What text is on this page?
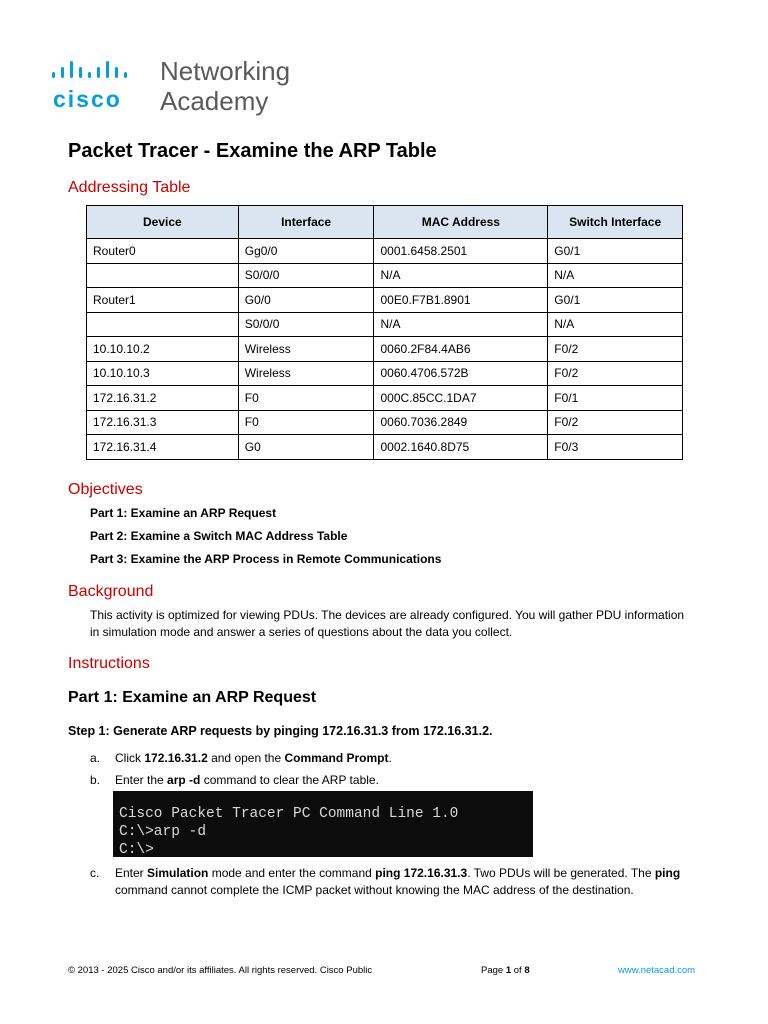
cisco
Networking
Academy
Packet Tracer - Examine the ARP Table
Addressing Table
Device	Interface	MAC Address	Switch Interface
Router0	Gg0/0	0001.6458.2501	G0/1
	S0/0/0	N/A	N/A
Router1	G0/0	00E0.F7B1.8901	G0/1
	S0/0/0	N/A	N/A
10.10.10.2	Wireless	0060.2F84.4AB6	F0/2
10.10.10.3	Wireless	0060.4706.572B	F0/2
172.16.31.2	F0	000C.85CC.1DA7	F0/1
172.16.31.3	F0	0060.7036.2849	F0/2
172.16.31.4	G0	0002.1640.8D75	F0/3
Objectives
Part 1: Examine an ARP Request
Part 2: Examine a Switch MAC Address Table
Part 3: Examine the ARP Process in Remote Communications
Background
This activity is optimized for viewing PDUs. The devices are already configured. You will gather PDU information in simulation mode and answer a series of questions about the data you collect.
Instructions
Part 1: Examine an ARP Request
Step 1: Generate ARP requests by pinging 172.16.31.3 from 172.16.31.2.
a. Click 172.16.31.2 and open the Command Prompt.
b. Enter the arp -d command to clear the ARP table.
Cisco Packet Tracer PC Command Line 1.0
C:\>arp -d
C:\>
c. Enter Simulation mode and enter the command ping 172.16.31.3. Two PDUs will be generated. The ping command cannot complete the ICMP packet without knowing the MAC address of the destination.
© 2013 - 2025 Cisco and/or its affiliates. All rights reserved. Cisco Public	Page 1 of 8	www.netacad.com
